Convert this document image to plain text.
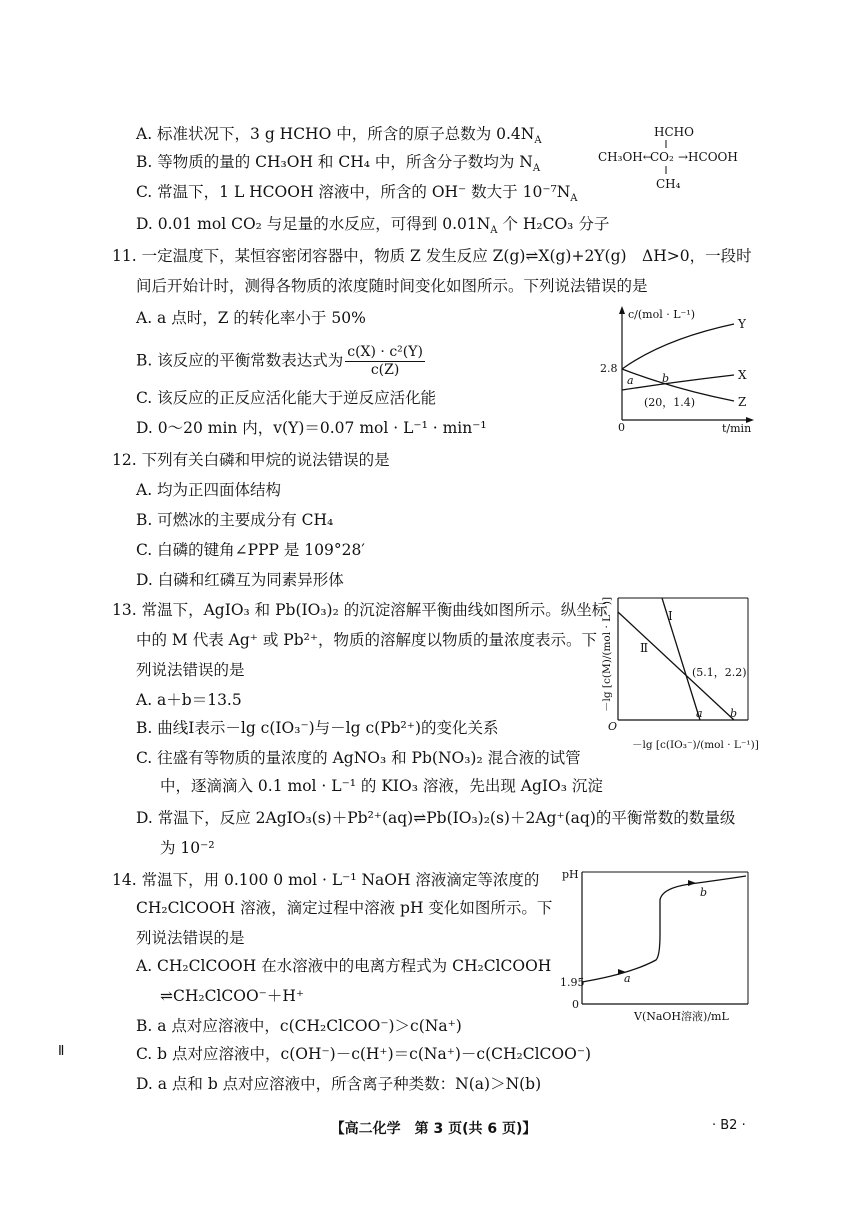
A. 标准状况下，3 g HCHO 中，所含的原子总数为 $0.4N_A$
B. 等物质的量的 CH₃OH 和 CH₄ 中，所含分子数均为 $N_A$
C. 常温下，1 L HCOOH 溶液中，所含的 OH⁻ 数大于 $10^{-7}N_A$
D. 0.01 mol CO₂ 与足量的水反应，可得到 $0.01N_A$ 个 H₂CO₃ 分子
HCHO
CH₃OH←
CO₂ →HCOOH
CH₄
11. 一定温度下，某恒容密闭容器中，物质 Z 发生反应 Z(g)⇌X(g)+2Y(g)　ΔH>0，一段时
间后开始计时，测得各物质的浓度随时间变化如图所示。下列说法错误的是
A. a 点时，Z 的转化率小于 50%
B. 该反应的平衡常数表达式为 $\frac{\text{c(X) · c²(Y)}}{c(Z)}$
C. 该反应的正反应活化能大于逆反应活化能
D. 0～20 min 内，v(Y)＝0.07 mol · L⁻¹ · min⁻¹
c/(mol · L⁻¹)
t/min
0
2.8
Y
X
Z
a	b
(20，1.4)
12. 下列有关白磷和甲烷的说法错误的是
A. 均为正四面体结构
B. 可燃冰的主要成分有 CH₄
C. 白磷的键角∠PPP 是 109°28′
D. 白磷和红磷互为同素异形体
13. 常温下，AgIO₃ 和 Pb(IO₃)₂ 的沉淀溶解平衡曲线如图所示。纵坐标
中的 M 代表 Ag⁺ 或 Pb²⁺，物质的溶解度以物质的量浓度表示。下
列说法错误的是
A. a＋b＝13.5
B. 曲线Ⅰ表示－lg c(IO₃⁻)与－lg c(Pb²⁺)的变化关系
C. 往盛有等物质的量浓度的 AgNO₃ 和 Pb(NO₃)₂ 混合液的试管
中，逐滴滴入 0.1 mol · L⁻¹ 的 KIO₃ 溶液，先出现 AgIO₃ 沉淀
D. 常温下，反应 2AgIO₃(s)＋Pb²⁺(aq)⇌Pb(IO₃)₂(s)＋2Ag⁺(aq)的平衡常数的数量级
为 10⁻²
－lg [c(M)/(mol · L⁻¹)]
O
－lg [c(IO₃⁻)/(mol · L⁻¹)]
Ⅰ
Ⅱ
(5.1，2.2)
a b
14. 常温下，用 0.100 0 mol · L⁻¹ NaOH 溶液滴定等浓度的
CH₂ClCOOH 溶液，滴定过程中溶液 pH 变化如图所示。下
列说法错误的是
A. CH₂ClCOOH 在水溶液中的电离方程式为 CH₂ClCOOH
⇌CH₂ClCOO⁻＋H⁺
B. a 点对应溶液中，c(CH₂ClCOO⁻)＞c(Na⁺)
C. b 点对应溶液中，c(OH⁻)－c(H⁺)＝c(Na⁺)－c(CH₂ClCOO⁻)
D. a 点和 b 点对应溶液中，所含离子种类数：N(a)＞N(b)
pH
1.95
0
V(NaOH溶液)/mL
a
b
Ⅱ
【高二化学　第 3 页(共 6 页)】	· B2 ·
